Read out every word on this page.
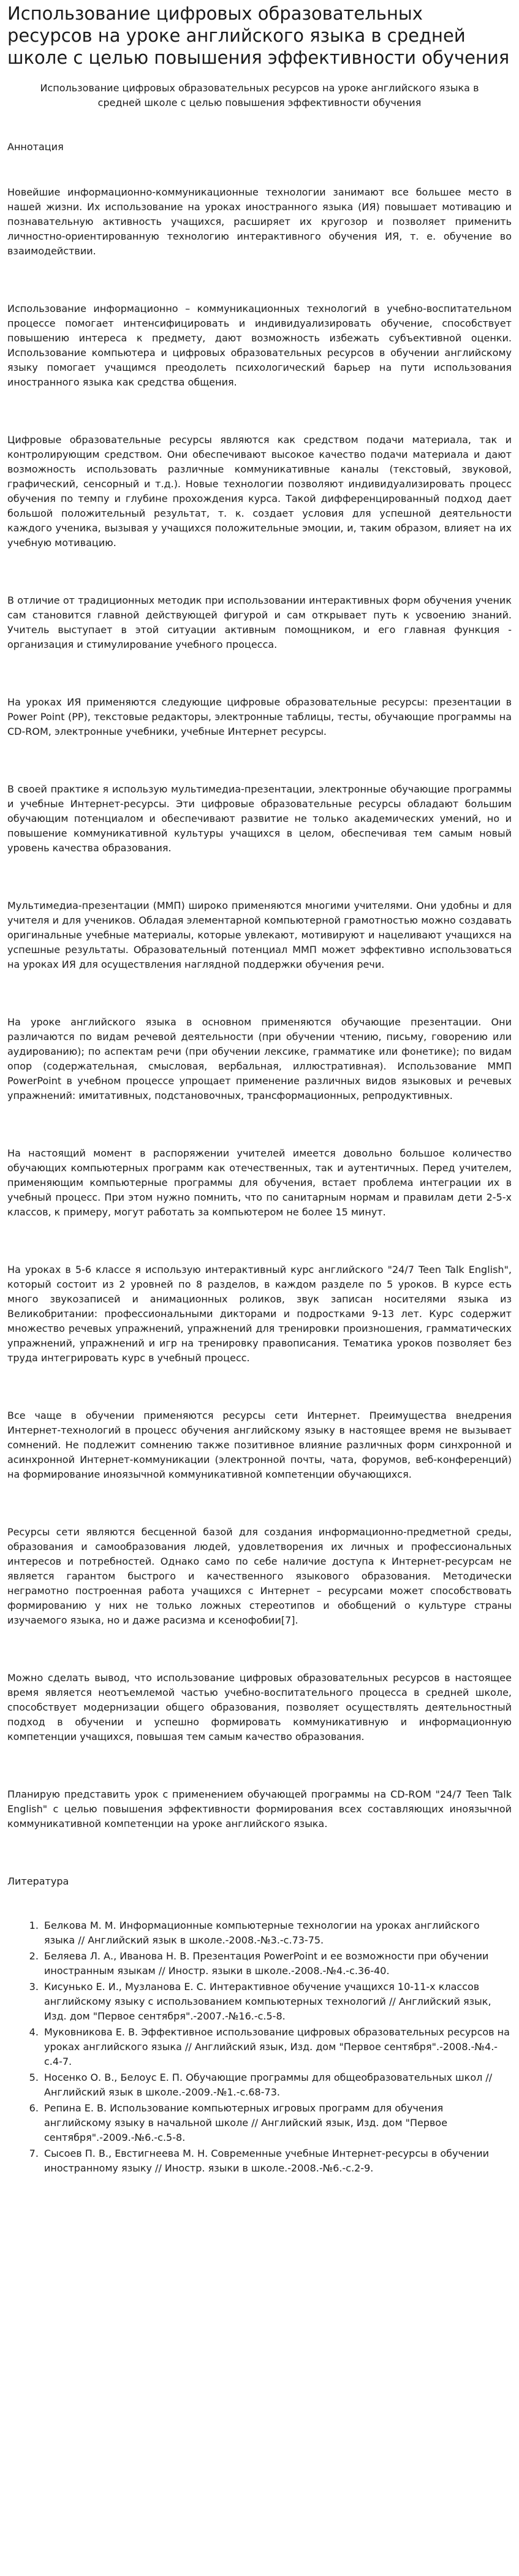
Использование цифровых образовательных ресурсов на уроке английского языка в средней школе с целью повышения эффективности обучения
Использование цифровых образовательных ресурсов на уроке английского языка в средней школе с целью повышения эффективности обучения
Аннотация

Новейшие информационно-коммуникационные технологии занимают все большее место в нашей жизни. Их использование на уроках иностранного языка (ИЯ) повышает мотивацию и познавательную активность учащихся, расширяет их кругозор и позволяет применить личностно-ориентированную технологию интерактивного обучения ИЯ, т. е. обучение во взаимодействии.

Использование информационно – коммуникационных технологий в учебно-воспитательном процессе помогает интенсифицировать и индивидуализировать обучение, способствует повышению интереса к предмету, дают возможность избежать субъективной оценки. Использование компьютера и цифровых образовательных ресурсов в обучении английскому языку помогает учащимся преодолеть психологический барьер на пути использования иностранного языка как средства общения.

Цифровые образовательные ресурсы являются как средством подачи материала, так и контролирующим средством. Они обеспечивают высокое качество подачи материала и дают возможность использовать различные коммуникативные каналы (текстовый, звуковой, графический, сенсорный и т.д.). Новые технологии позволяют индивидуализировать процесс обучения по темпу и глубине прохождения курса. Такой дифференцированный подход дает большой положительный результат, т. к. создает условия для успешной деятельности каждого ученика, вызывая у учащихся положительные эмоции, и, таким образом, влияет на их учебную мотивацию.

В отличие от традиционных методик при использовании интерактивных форм обучения ученик сам становится главной действующей фигурой и сам открывает путь к усвоению знаний. Учитель выступает в этой ситуации активным помощником, и его главная функция - организация и стимулирование учебного процесса.

На уроках ИЯ применяются следующие цифровые образовательные ресурсы: презентации в Power Point (PP), текстовые редакторы, электронные таблицы, тесты, обучающие программы на CD-ROM, электронные учебники, учебные Интернет ресурсы.

В своей практике я использую мультимедиа-презентации, электронные обучающие программы и учебные Интернет-ресурсы. Эти цифровые образовательные ресурсы обладают большим обучающим потенциалом и обеспечивают развитие не только академических умений, но и повышение коммуникативной культуры учащихся в целом, обеспечивая тем самым новый уровень качества образования.

Мультимедиа-презентации (ММП) широко применяются многими учителями. Они удобны и для учителя и для учеников. Обладая элементарной компьютерной грамотностью можно создавать оригинальные учебные материалы, которые увлекают, мотивируют и нацеливают учащихся на успешные результаты. Образовательный потенциал ММП может эффективно использоваться на уроках ИЯ для осуществления наглядной поддержки обучения речи.

На уроке английского языка в основном применяются обучающие презентации. Они различаются по видам речевой деятельности (при обучении чтению, письму, говорению или аудированию); по аспектам речи (при обучении лексике, грамматике или фонетике); по видам опор (содержательная, смысловая, вербальная, иллюстративная). Использование ММП PowerPoint в учебном процессе упрощает применение различных видов языковых и речевых упражнений: имитативных, подстановочных, трансформационных, репродуктивных.

На настоящий момент в распоряжении учителей имеется довольно большое количество обучающих компьютерных программ как отечественных, так и аутентичных. Перед учителем, применяющим компьютерные программы для обучения, встает проблема интеграции их в учебный процесс. При этом нужно помнить, что по санитарным нормам и правилам дети 2-5-х классов, к примеру, могут работать за компьютером не более 15 минут.

На уроках в 5-6 классе я использую интерактивный курс английского "24/7 Teen Talk English", который состоит из 2 уровней по 8 разделов, в каждом разделе по 5 уроков. В курсе есть много звукозаписей и анимационных роликов, звук записан носителями языка из Великобритании: профессиональными дикторами и подростками 9-13 лет. Курс содержит множество речевых упражнений, упражнений для тренировки произношения, грамматических упражнений, упражнений и игр на тренировку правописания. Тематика уроков позволяет без труда интегрировать курс в учебный процесс.

Все чаще в обучении применяются ресурсы сети Интернет. Преимущества внедрения Интернет-технологий в процесс обучения английскому языку в настоящее время не вызывает сомнений. Не подлежит сомнению также позитивное влияние различных форм синхронной и асинхронной Интернет-коммуникации (электронной почты, чата, форумов, веб-конференций) на формирование иноязычной коммуникативной компетенции обучающихся.

Ресурсы сети являются бесценной базой для создания информационно-предметной среды, образования и самообразования людей, удовлетворения их личных и профессиональных интересов и потребностей. Однако само по себе наличие доступа к Интернет-ресурсам не является гарантом быстрого и качественного языкового образования. Методически неграмотно построенная работа учащихся с Интернет – ресурсами может способствовать формированию у них не только ложных стереотипов и обобщений о культуре страны изучаемого языка, но и даже расизма и ксенофобии[7].

Можно сделать вывод, что использование цифровых образовательных ресурсов в настоящее время является неотъемлемой частью учебно-воспитательного процесса в средней школе, способствует модернизации общего образования, позволяет осуществлять деятельностный подход в обучении и успешно формировать коммуникативную и информационную компетенции учащихся, повышая тем самым качество образования.

Планирую представить урок с применением обучающей программы на CD-ROM "24/7 Teen Talk English" с целью повышения эффективности формирования всех составляющих иноязычной коммуникативной компетенции на уроке английского языка.

Литература
1. Белкова М. М. Информационные компьютерные технологии на уроках английского языка // Английский язык в школе.-2008.-№3.-с.73-75.
2. Беляева Л. А., Иванова Н. В. Презентация PowerPoint и ее возможности при обучении иностранным языкам // Иностр. языки в школе.-2008.-№4.-с.36-40.
3. Кисунько Е. И., Музланова Е. С. Интерактивное обучение учащихся 10-11-х классов английскому языку с использованием компьютерных технологий // Английский язык, Изд. дом "Первое сентября".-2007.-№16.-с.5-8.
4. Муковникова Е. В. Эффективное использование цифровых образовательных ресурсов на уроках английского языка // Английский язык, Изд. дом "Первое сентября".-2008.-№4.-с.4-7.
5. Носенко О. В., Белоус Е. П. Обучающие программы для общеобразовательных школ // Английский язык в школе.-2009.-№1.-с.68-73.
6. Репина Е. В. Использование компьютерных игровых программ для обучения английскому языку в начальной школе // Английский язык, Изд. дом "Первое сентября".-2009.-№6.-с.5-8.
7. Сысоев П. В., Евстигнеева М. Н. Современные учебные Интернет-ресурсы в обучении иностранному языку // Иностр. языки в школе.-2008.-№6.-с.2-9.
